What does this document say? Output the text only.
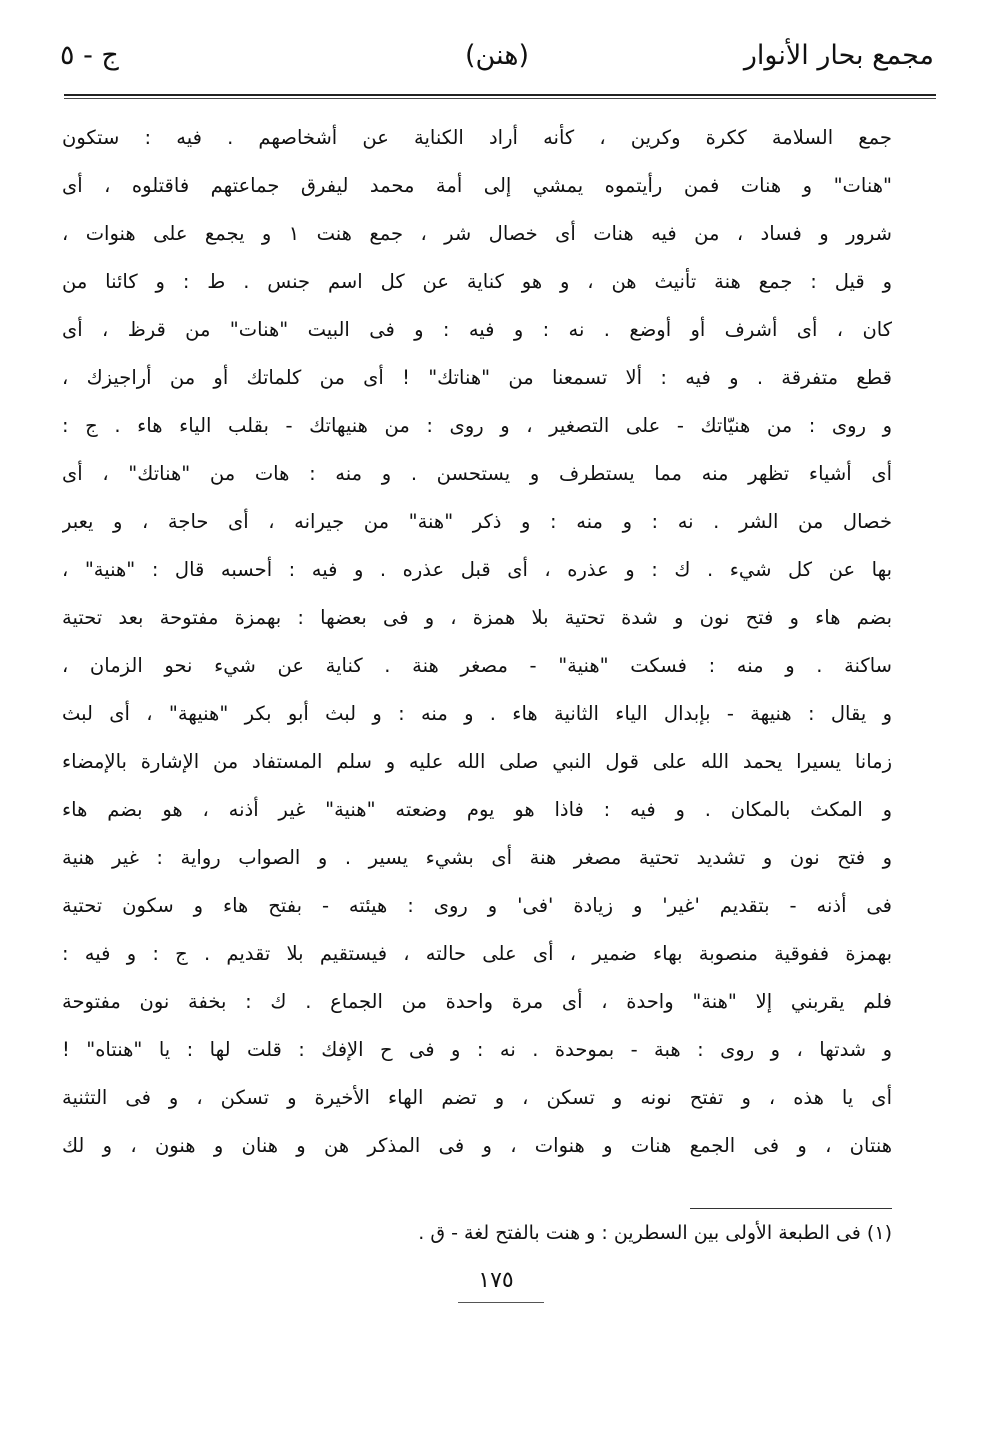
مجمع بحار الأنوار
(هنن)
ج - ٥
جمع السلامة ككرة وكرين ، كأنه أراد الكناية عن أشخاصهم . فيه : ستكون
"هنات" و هنات فمن رأيتموه يمشي إلى أمة محمد ليفرق جماعتهم فاقتلوه ، أى
شرور و فساد ، من فيه هنات أى خصال شر ، جمع هنت ١ و يجمع على هنوات ،
و قيل : جمع هنة تأنيث هن ، و هو كناية عن كل اسم جنس . ط : و كائنا من
كان ، أى أشرف أو أوضع . نه : و فيه : و فى البيت "هنات" من قرظ ، أى
قطع متفرقة . و فيه : ألا تسمعنا من "هناتك" ! أى من كلماتك أو من أراجيزك ،
و روى : من هنيّاتك - على التصغير ، و روى : من هنيهاتك - بقلب الياء هاء . ج :
أى أشياء تظهر منه مما يستطرف و يستحسن . و منه : هات من "هناتك" ، أى
خصال من الشر . نه : و منه : و ذكر "هنة" من جيرانه ، أى حاجة ، و يعبر
بها عن كل شيء . ك : و عذره ، أى قبل عذره . و فيه : أحسبه قال : "هنية" ،
بضم هاء و فتح نون و شدة تحتية بلا همزة ، و فى بعضها : بهمزة مفتوحة بعد تحتية
ساكنة . و منه : فسكت "هنية" - مصغر هنة . كناية عن شيء نحو الزمان ،
و يقال : هنيهة - بإبدال الياء الثانية هاء . و منه : و لبث أبو بكر "هنيهة" ، أى لبث
زمانا يسيرا يحمد الله على قول النبي صلى الله عليه و سلم المستفاد من الإشارة بالإمضاء
و المكث بالمكان . و فيه : فاذا هو يوم وضعته "هنية" غير أذنه ، هو بضم هاء
و فتح نون و تشديد تحتية مصغر هنة أى بشيء يسير . و الصواب رواية : غير هنية
فى أذنه - بتقديم 'غير' و زيادة 'فى' و روى : هيئته - بفتح هاء و سكون تحتية
بهمزة ففوقية منصوبة بهاء ضمير ، أى على حالته ، فيستقيم بلا تقديم . ج : و فيه :
فلم يقربني إلا "هنة" واحدة ، أى مرة واحدة من الجماع . ك : بخفة نون مفتوحة
و شدتها ، و روى : هبة - بموحدة . نه : و فى ح الإفك : قلت لها : يا "هنتاه" !
أى يا هذه ، و تفتح نونه و تسكن ، و تضم الهاء الأخيرة و تسكن ، و فى التثنية
هنتان ، و فى الجمع هنات و هنوات ، و فى المذكر هن و هنان و هنون ، و لك
(١) فى الطبعة الأولى بين السطرين : و هنت بالفتح لغة - ق .
١٧٥
